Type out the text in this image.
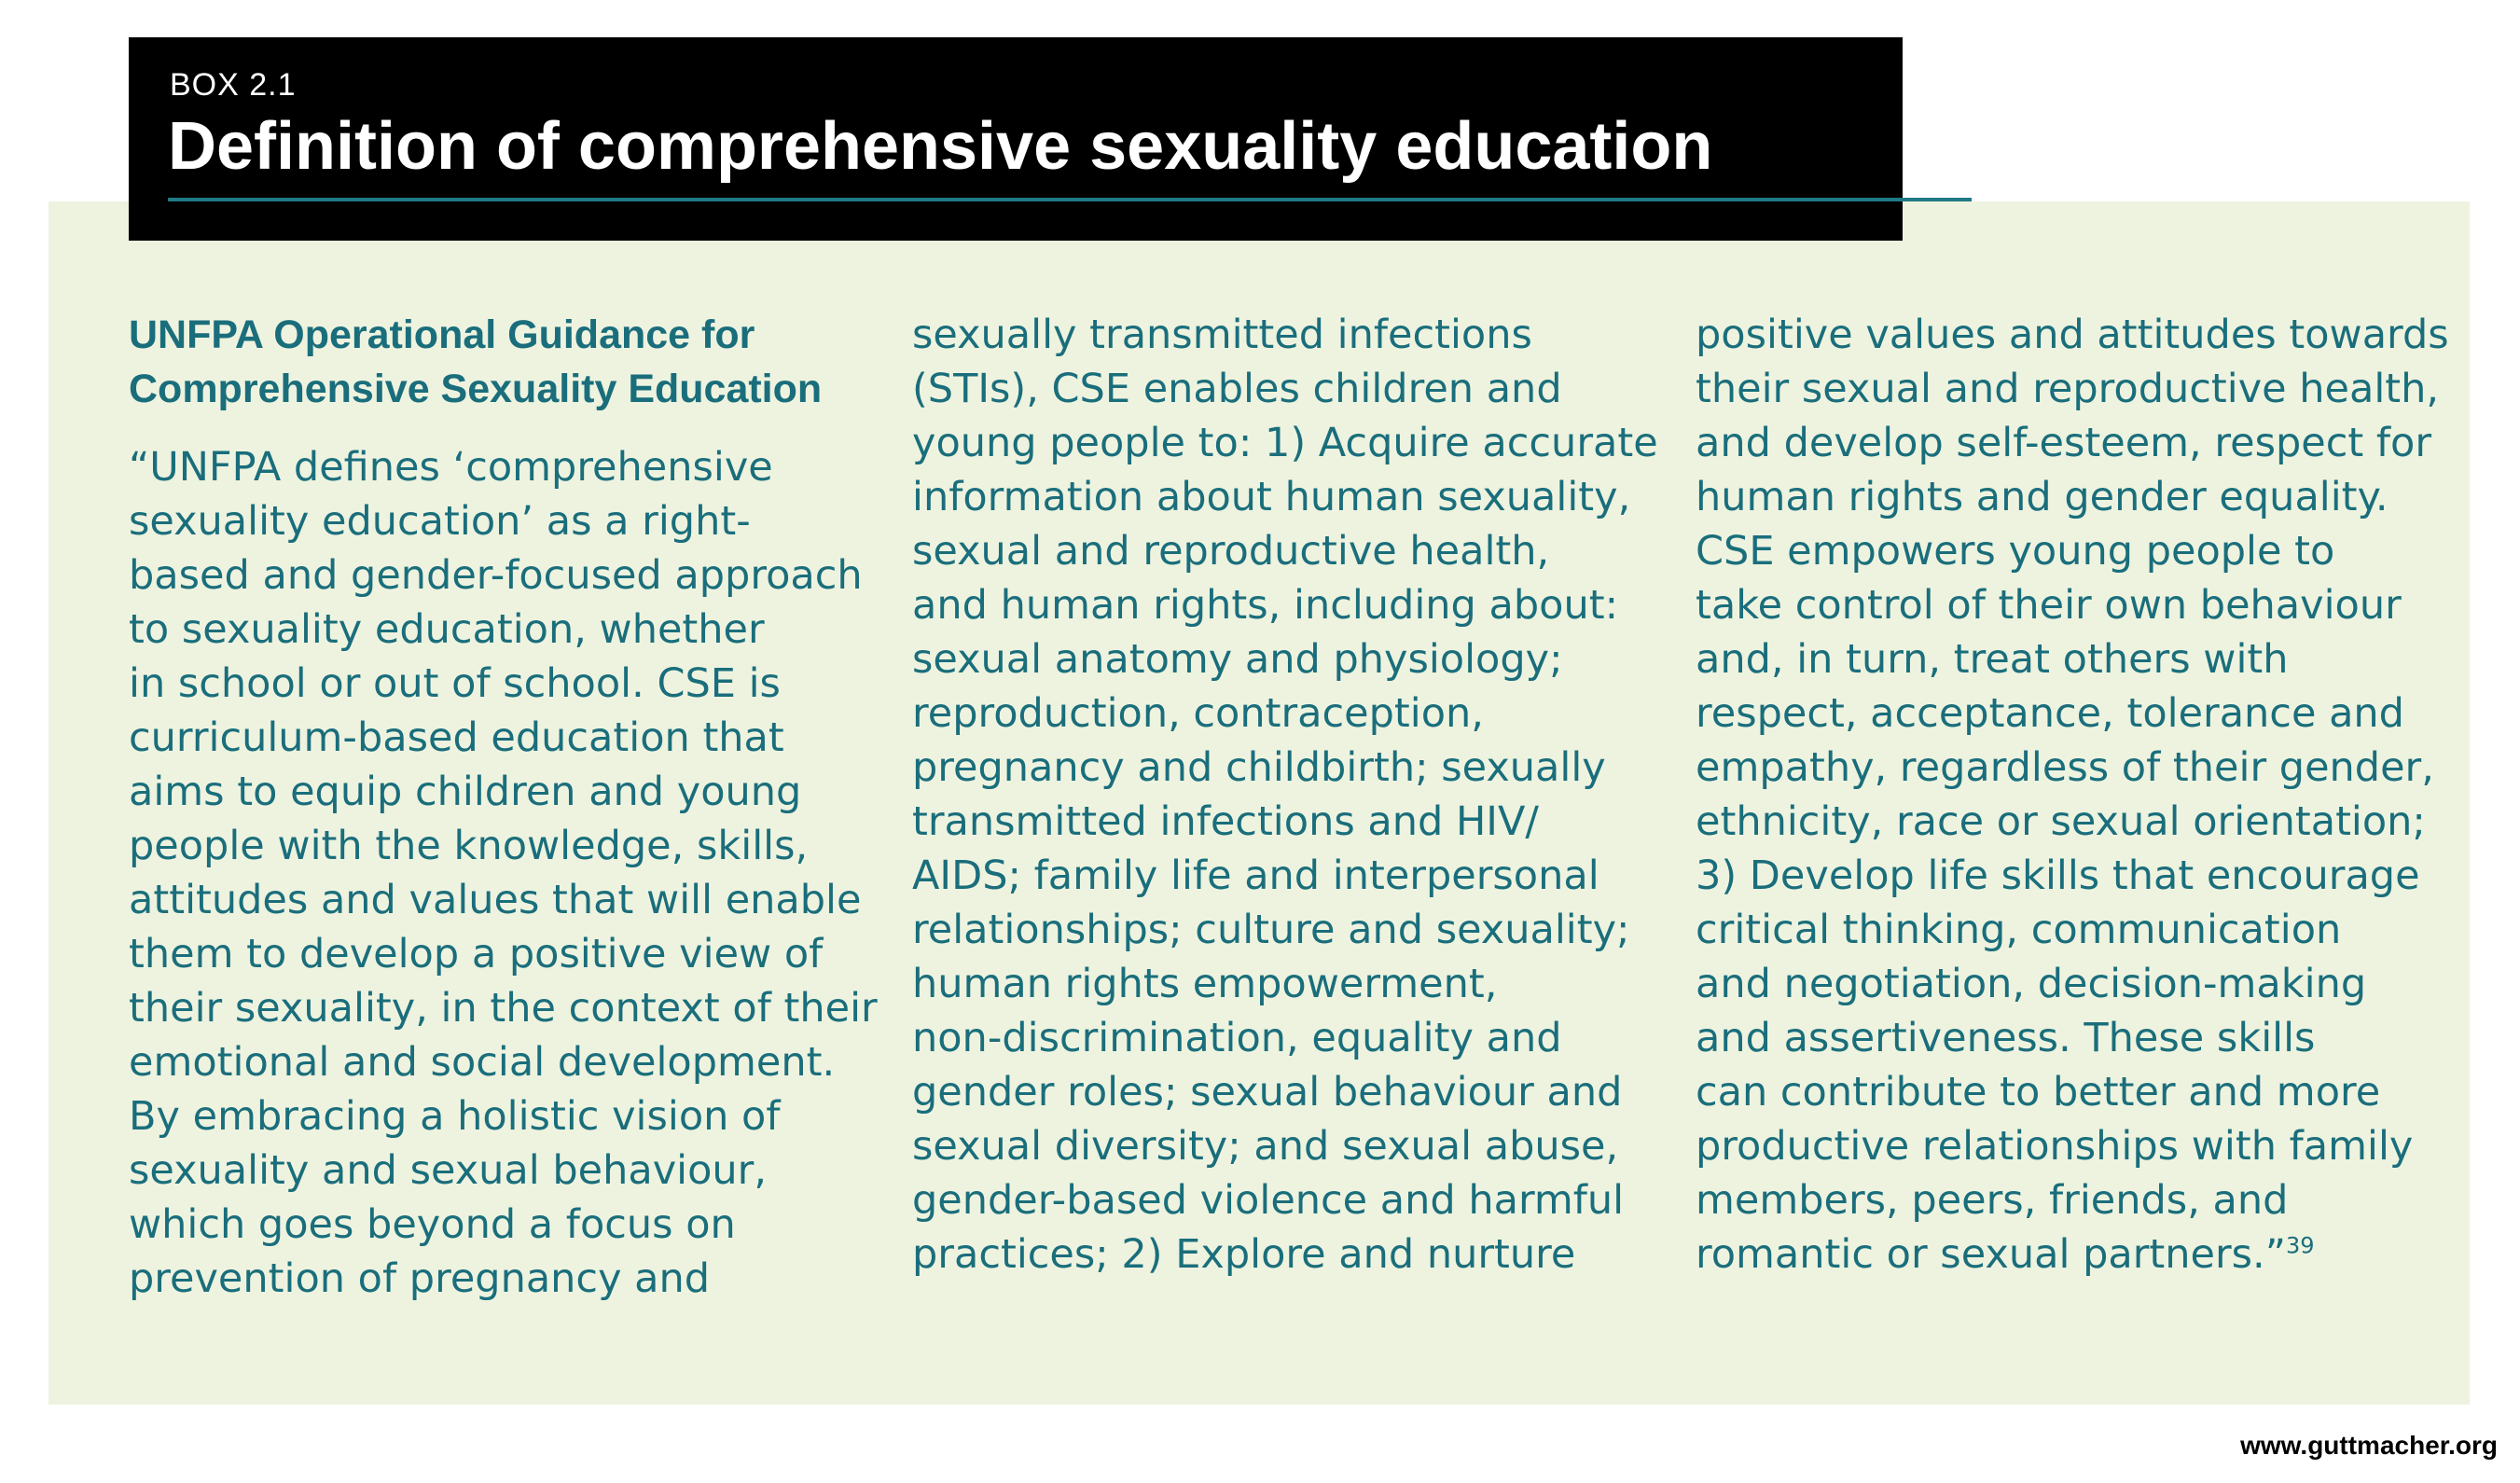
BOX 2.1
Definition of comprehensive sexuality education
UNFPA Operational Guidance for
Comprehensive Sexuality Education
“UNFPA defines ‘comprehensive
sexuality education’ as a right-
based and gender-focused approach
to sexuality education, whether
in school or out of school. CSE is
curriculum-based education that
aims to equip children and young
people with the knowledge, skills,
attitudes and values that will enable
them to develop a positive view of
their sexuality, in the context of their
emotional and social development.
By embracing a holistic vision of
sexuality and sexual behaviour,
which goes beyond a focus on
prevention of pregnancy and
sexually transmitted infections
(STIs), CSE enables children and
young people to: 1) Acquire accurate
information about human sexuality,
sexual and reproductive health,
and human rights, including about:
sexual anatomy and physiology;
reproduction, contraception,
pregnancy and childbirth; sexually
transmitted infections and HIV/
AIDS; family life and interpersonal
relationships; culture and sexuality;
human rights empowerment,
non-discrimination, equality and
gender roles; sexual behaviour and
sexual diversity; and sexual abuse,
gender-based violence and harmful
practices; 2) Explore and nurture
positive values and attitudes towards
their sexual and reproductive health,
and develop self-esteem, respect for
human rights and gender equality.
CSE empowers young people to
take control of their own behaviour
and, in turn, treat others with
respect, acceptance, tolerance and
empathy, regardless of their gender,
ethnicity, race or sexual orientation;
3) Develop life skills that encourage
critical thinking, communication
and negotiation, decision-making
and assertiveness. These skills
can contribute to better and more
productive relationships with family
members, peers, friends, and
romantic or sexual partners.”$^{39}$
www.guttmacher.org
